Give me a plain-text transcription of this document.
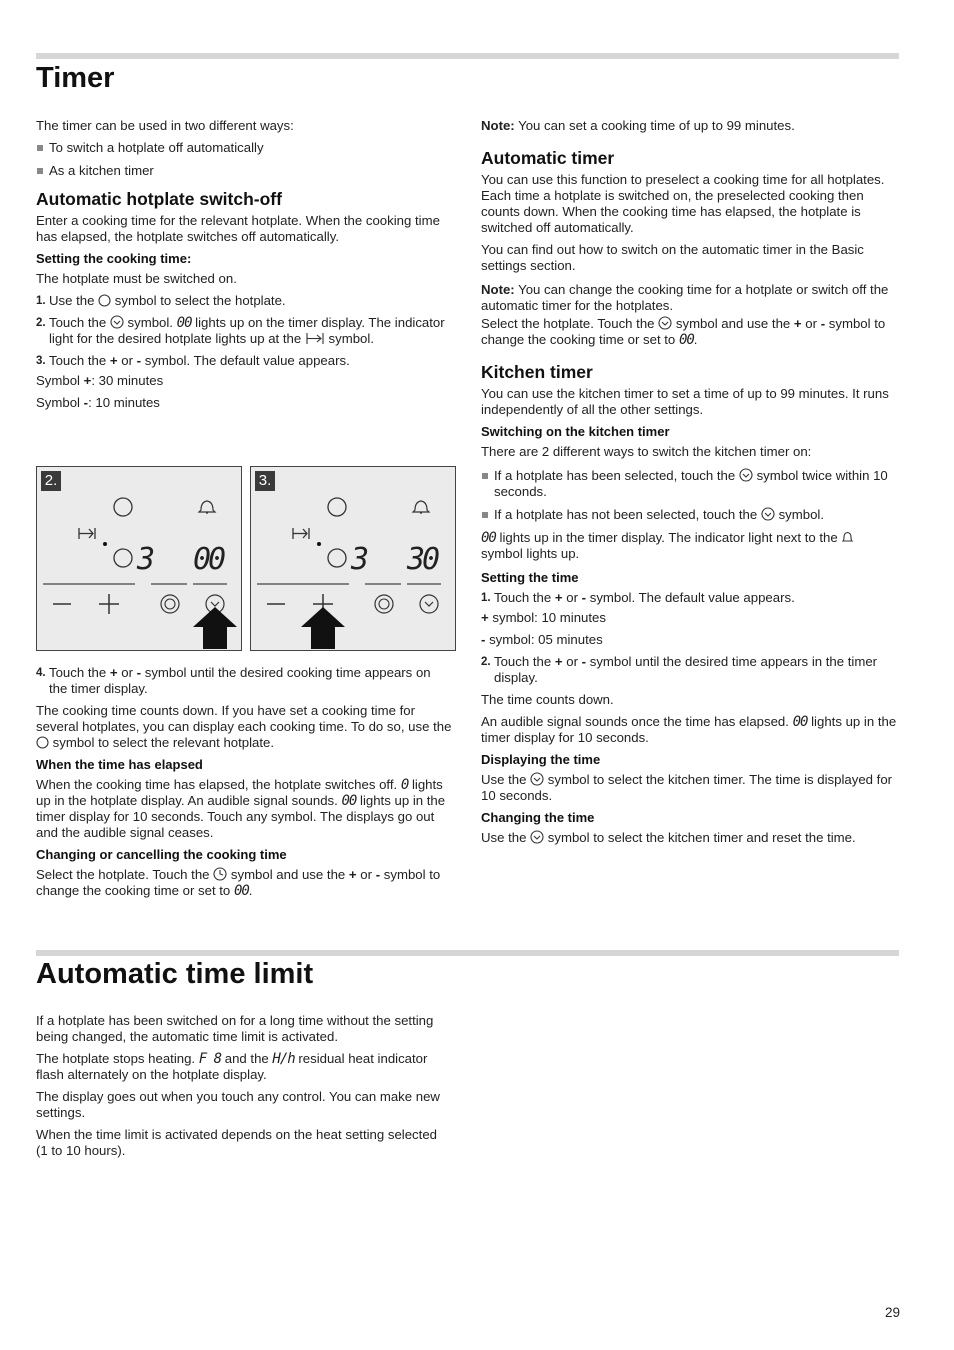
Timer

The timer can be used in two different ways:

To switch a hotplate off automatically
As a kitchen timer
Automatic hotplate switch-off

Enter a cooking time for the relevant hotplate. When the cooking time has elapsed, the hotplate switches off automatically.

Setting the cooking time:

The hotplate must be switched on.

1. Use the symbol to select the hotplate.
2. Touch the symbol. 00 lights up on the timer display. The indicator light for the desired hotplate lights up at the symbol.
3. Touch the + or - symbol. The default value appears.

Symbol +: 30 minutes

Symbol -: 10 minutes

2.
3 00
3.
3 30
4. Touch the + or - symbol until the desired cooking time appears on the timer display.

The cooking time counts down. If you have set a cooking time for several hotplates, you can display each cooking time. To do so, use the  symbol to select the relevant hotplate.

When the time has elapsed

When the cooking time has elapsed, the hotplate switches off. 0 lights up in the hotplate display. An audible signal sounds. 00 lights up in the timer display for 10 seconds. Touch any symbol. The displays go out and the audible signal ceases.

Changing or cancelling the cooking time

Select the hotplate. Touch the symbol and use the + or - symbol to change the cooking time or set to 00.

Note: You can set a cooking time of up to 99 minutes.

Automatic timer

You can use this function to preselect a cooking time for all hotplates. Each time a hotplate is switched on, the preselected cooking then counts down. When the cooking time has elapsed, the hotplate is switched off automatically.

You can find out how to switch on the automatic timer in the Basic settings section.

Note: You can change the cooking time for a hotplate or switch off the automatic timer for the hotplates.

Select the hotplate. Touch the symbol and use the + or - symbol to change the cooking time or set to 00.

Kitchen timer

You can use the kitchen timer to set a time of up to 99 minutes. It runs independently of all the other settings.

Switching on the kitchen timer

There are 2 different ways to switch the kitchen timer on:

If a hotplate has been selected, touch the symbol twice within 10 seconds.
If a hotplate has not been selected, touch the symbol.

00 lights up in the timer display. The indicator light next to the  symbol lights up.

Setting the time
1. Touch the + or - symbol. The default value appears.

+ symbol: 10 minutes

- symbol: 05 minutes

2. Touch the + or - symbol until the desired time appears in the timer display.

The time counts down.

An audible signal sounds once the time has elapsed. 00 lights up in the timer display for 10 seconds.

Displaying the time

Use the symbol to select the kitchen timer. The time is displayed for 10 seconds.

Changing the time

Use the symbol to select the kitchen timer and reset the time.

Automatic time limit

If a hotplate has been switched on for a long time without the setting being changed, the automatic time limit is activated.

The hotplate stops heating. F 8 and the H/h residual heat indicator flash alternately on the hotplate display.

The display goes out when you touch any control. You can make new settings.

When the time limit is activated depends on the heat setting selected (1 to 10 hours).

29
